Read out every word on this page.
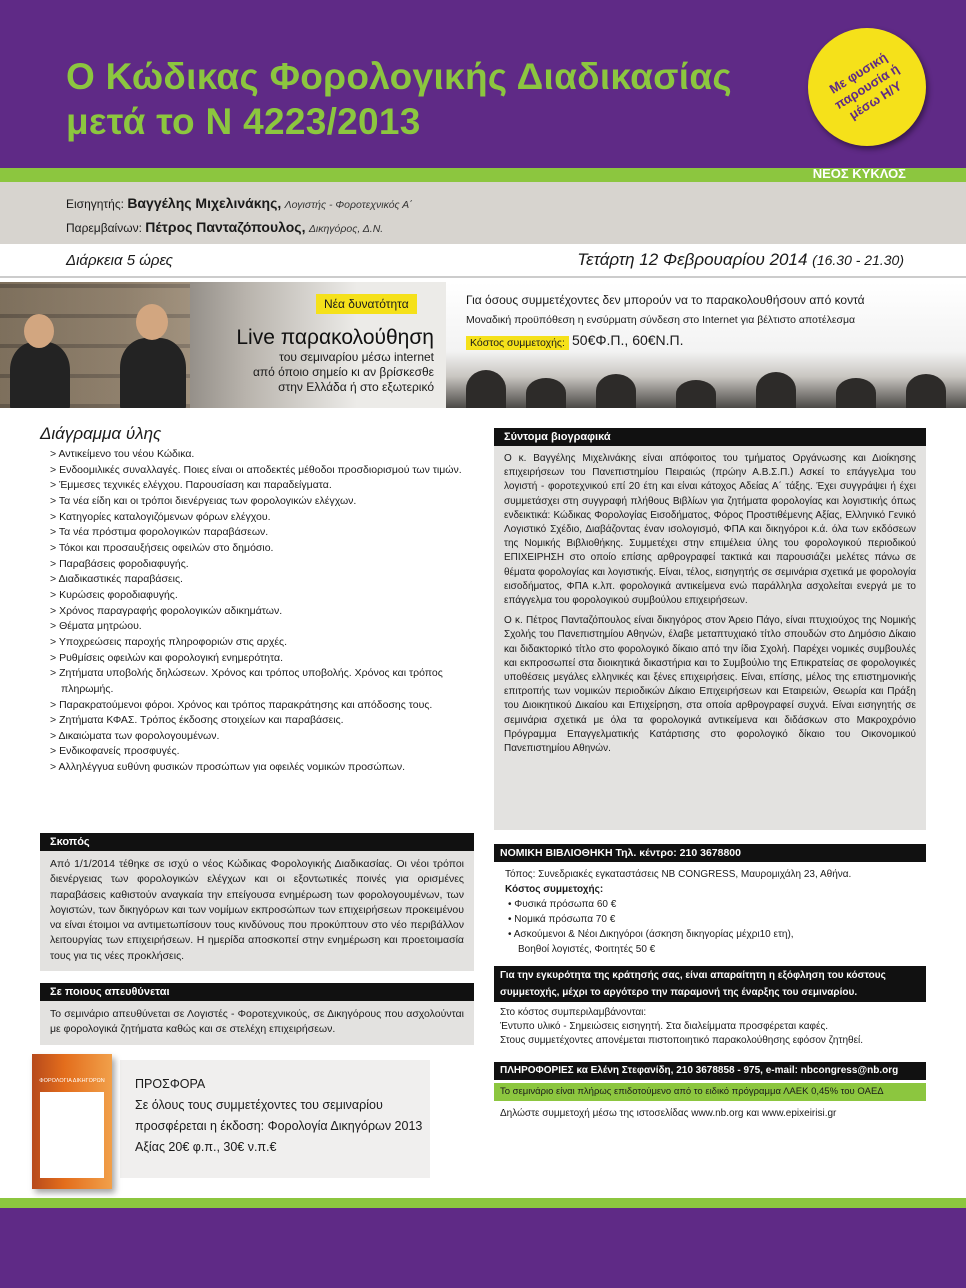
Ο Κώδικας Φορολογικής Διαδικασίας
μετά το Ν 4223/2013
Με φυσική
παρουσία ή
μέσω Η/Υ
ΝΕΟΣ ΚΥΚΛΟΣ
Εισηγητής: Βαγγέλης Μιχελινάκης, Λογιστής - Φοροτεχνικός Α΄
Παρεμβαίνων: Πέτρος Πανταζόπουλος, Δικηγόρος, Δ.Ν.
Διάρκεια 5 ώρες	Τετάρτη 12 Φεβρουαρίου 2014 (16.30 - 21.30)
Νέα δυνατότητα
Live παρακολούθηση
του σεμιναρίου μέσω internet
από όποιο σημείο κι αν βρίσκεσθε
στην Ελλάδα ή στο εξωτερικό
Για όσους συμμετέχοντες δεν μπορούν να το παρακολουθήσουν από κοντά
Μοναδική προϋπόθεση η ενσύρματη σύνδεση στο Internet για βέλτιστο αποτέλεσμα
Κόστος συμμετοχής: 50€Φ.Π., 60€Ν.Π.
Διάγραμμα ύλης
> Αντικείμενο του νέου Κώδικα.
> Ενδοομιλικές συναλλαγές. Ποιες είναι οι αποδεκτές μέθοδοι προσδιορισμού των τιμών.
> Έμμεσες τεχνικές ελέγχου. Παρουσίαση και παραδείγματα.
> Τα νέα είδη και οι τρόποι διενέργειας των φορολογικών ελέγχων.
> Κατηγορίες καταλογιζόμενων φόρων ελέγχου.
> Τα νέα πρόστιμα φορολογικών παραβάσεων.
> Τόκοι και προσαυξήσεις οφειλών στο δημόσιο.
> Παραβάσεις φοροδιαφυγής.
> Διαδικαστικές παραβάσεις.
> Κυρώσεις φοροδιαφυγής.
> Χρόνος παραγραφής φορολογικών αδικημάτων.
> Θέματα μητρώου.
> Υποχρεώσεις παροχής πληροφοριών στις αρχές.
> Ρυθμίσεις οφειλών και φορολογική ενημερότητα.
> Ζητήματα υποβολής δηλώσεων. Χρόνος και τρόπος υποβολής. Χρόνος και τρόπος πληρωμής.
> Παρακρατούμενοι φόροι. Χρόνος και τρόπος παρακράτησης και απόδοσης τους.
> Ζητήματα ΚΦΑΣ. Τρόπος έκδοσης στοιχείων και παραβάσεις.
> Δικαιώματα των φορολογουμένων.
> Ενδικοφανείς προσφυγές.
> Αλληλέγγυα ευθύνη φυσικών προσώπων για οφειλές νομικών προσώπων.
Σκοπός
Από 1/1/2014 τέθηκε σε ισχύ ο νέος Κώδικας Φορολογικής Διαδικασίας. Οι νέοι τρόποι διενέργειας των φορολογικών ελέγχων και οι εξοντωτικές ποινές για ορισμένες παραβάσεις καθιστούν αναγκαία την επείγουσα ενημέρωση των φορολογουμένων, των λογιστών, των δικηγόρων και των νομίμων εκπροσώπων των επιχειρήσεων προκειμένου να είναι έτοιμοι να αντιμετωπίσουν τους κινδύνους που προκύπτουν στο νέο περιβάλλον λειτουργίας των επιχειρήσεων. Η ημερίδα αποσκοπεί στην ενημέρωση και προετοιμασία τους για τις νέες προκλήσεις.
Σε ποιους απευθύνεται
Το σεμινάριο απευθύνεται σε Λογιστές - Φοροτεχνικούς, σε Δικηγόρους που ασχολούνται με φορολογικά ζητήματα καθώς και σε στελέχη επιχειρήσεων.
ΦΟΡΟΛΟΓΙΑ ΔΙΚΗΓΟΡΩΝ ΠΡΟΣΦΟΡΑ
Σε όλους τους συμμετέχοντες του σεμιναρίου
προσφέρεται η έκδοση: Φορολογία Δικηγόρων 2013
Αξίας 20€ φ.π., 30€ ν.π.€
Σύντομα βιογραφικά

Ο κ. Βαγγέλης Μιχελινάκης είναι απόφοιτος του τμήματος Οργάνωσης και Διοίκησης επιχειρήσεων του Πανεπιστημίου Πειραιώς (πρώην Α.Β.Σ.Π.) Ασκεί το επάγγελμα του λογιστή - φοροτεχνικού επί 20 έτη και είναι κάτοχος Αδείας Α΄ τάξης. Έχει συγγράψει ή έχει συμμετάσχει στη συγγραφή πλήθους Βιβλίων για ζητήματα φορολογίας και λογιστικής όπως ενδεικτικά: Κώδικας Φορολογίας Εισοδήματος, Φόρος Προστιθέμενης Αξίας, Ελληνικό Γενικό Λογιστικό Σχέδιο, Διαβάζοντας έναν ισολογισμό, ΦΠΑ και δικηγόροι κ.ά. όλα των εκδόσεων της Νομικής Βιβλιοθήκης. Συμμετέχει στην επιμέλεια ύλης του φορολογικού περιοδικού ΕΠΙΧΕΙΡΗΣΗ στο οποίο επίσης αρθρογραφεί τακτικά και παρουσιάζει μελέτες πάνω σε θέματα φορολογίας και λογιστικής. Είναι, τέλος, εισηγητής σε σεμινάρια σχετικά με φορολογία εισοδήματος, ΦΠΑ κ.λπ. φορολογικά αντικείμενα ενώ παράλληλα ασχολείται ενεργά με το επάγγελμα του φορολογικού συμβούλου επιχειρήσεων.

Ο κ. Πέτρος Πανταζόπουλος είναι δικηγόρος στον Άρειο Πάγο, είναι πτυχιούχος της Νομικής Σχολής του Πανεπιστημίου Αθηνών, έλαβε μεταπτυχιακό τίτλο σπουδών στο Δημόσιο Δίκαιο και διδακτορικό τίτλο στο φορολογικό δίκαιο από την ίδια Σχολή. Παρέχει νομικές συμβουλές και εκπροσωπεί στα διοικητικά δικαστήρια και το Συμβούλιο της Επικρατείας σε φορολογικές υποθέσεις μεγάλες ελληνικές και ξένες επιχειρήσεις. Είναι, επίσης, μέλος της επιστημονικής επιτροπής των νομικών περιοδικών Δίκαιο Επιχειρήσεων και Εταιρειών, Θεωρία και Πράξη του Διοικητικού Δικαίου και Επιχείρηση, στα οποία αρθρογραφεί συχνά. Είναι εισηγητής σε σεμινάρια σχετικά με όλα τα φορολογικά αντικείμενα και διδάσκων στο Μακροχρόνιο Πρόγραμμα Επαγγελματικής Κατάρτισης στο φορολογικό δίκαιο του Οικονομικού Πανεπιστημίου Αθηνών.

ΝΟΜΙΚΗ ΒΙΒΛΙΟΘΗΚΗ Τηλ. κέντρο: 210 3678800
Τόπος: Συνεδριακές εγκαταστάσεις NB CONGRESS, Μαυρομιχάλη 23, Αθήνα.
Κόστος συμμετοχής:
• Φυσικά πρόσωπα 60 €
• Νομικά πρόσωπα 70 €
• Ασκούμενοι & Νέοι Δικηγόροι (άσκηση δικηγορίας μέχρι10 ετη),
Βοηθοί λογιστές, Φοιτητές 50 €
Για την εγκυρότητα της κράτησής σας, είναι απαραίτητη η εξόφληση του κόστους συμμετοχής, μέχρι το αργότερο την παραμονή της έναρξης του σεμιναρίου.
Στο κόστος συμπεριλαμβάνονται:
Έντυπο υλικό - Σημειώσεις εισηγητή. Στα διαλείμματα προσφέρεται καφές.
Στους συμμετέχοντες απονέμεται πιστοποιητικό παρακολούθησης εφόσον ζητηθεί.
ΠΛΗΡΟΦΟΡΙΕΣ κα Ελένη Στεφανίδη, 210 3678858 - 975, e-mail: nbcongress@nb.org
Το σεμινάριο είναι πλήρως επιδοτούμενο από το ειδικό πρόγραμμα ΛΑΕΚ 0,45% του ΟΑΕΔ
Δηλώστε συμμετοχή μέσω της ιστοσελίδας www.nb.org και www.epixeirisi.gr
